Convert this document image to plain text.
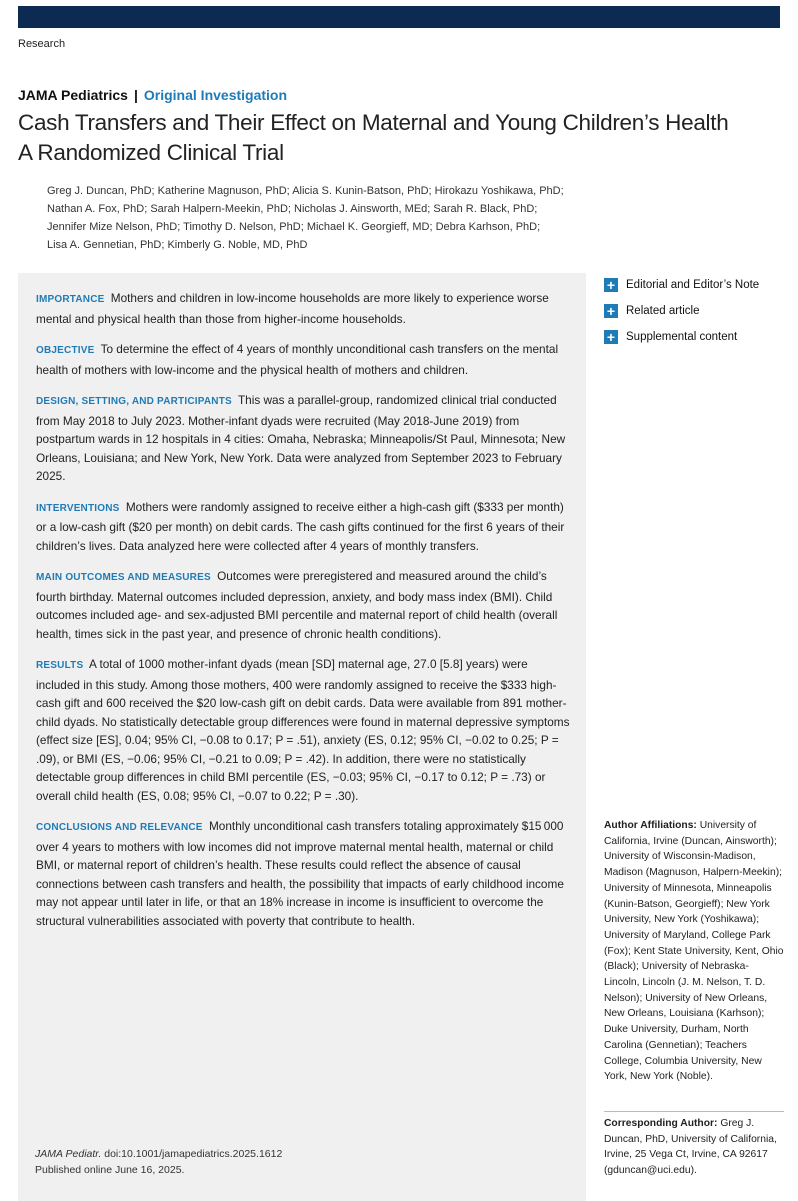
Research
JAMA Pediatrics | Original Investigation
Cash Transfers and Their Effect on Maternal and Young Children’s Health
A Randomized Clinical Trial
Greg J. Duncan, PhD; Katherine Magnuson, PhD; Alicia S. Kunin-Batson, PhD; Hirokazu Yoshikawa, PhD;
Nathan A. Fox, PhD; Sarah Halpern-Meekin, PhD; Nicholas J. Ainsworth, MEd; Sarah R. Black, PhD;
Jennifer Mize Nelson, PhD; Timothy D. Nelson, PhD; Michael K. Georgieff, MD; Debra Karhson, PhD;
Lisa A. Gennetian, PhD; Kimberly G. Noble, MD, PhD

IMPORTANCE Mothers and children in low-income households are more likely to experience worse mental and physical health than those from higher-income households.

OBJECTIVE To determine the effect of 4 years of monthly unconditional cash transfers on the mental health of mothers with low-income and the physical health of mothers and children.

DESIGN, SETTING, AND PARTICIPANTS This was a parallel-group, randomized clinical trial conducted from May 2018 to July 2023. Mother-infant dyads were recruited (May 2018-June 2019) from postpartum wards in 12 hospitals in 4 cities: Omaha, Nebraska; Minneapolis/St Paul, Minnesota; New Orleans, Louisiana; and New York, New York. Data were analyzed from September 2023 to February 2025.

INTERVENTIONS Mothers were randomly assigned to receive either a high-cash gift ($333 per month) or a low-cash gift ($20 per month) on debit cards. The cash gifts continued for the first 6 years of their children’s lives. Data analyzed here were collected after 4 years of monthly transfers.

MAIN OUTCOMES AND MEASURES Outcomes were preregistered and measured around the child’s fourth birthday. Maternal outcomes included depression, anxiety, and body mass index (BMI). Child outcomes included age- and sex-adjusted BMI percentile and maternal report of child health (overall health, times sick in the past year, and presence of chronic health conditions).

RESULTS A total of 1000 mother-infant dyads (mean [SD] maternal age, 27.0 [5.8] years) were included in this study. Among those mothers, 400 were randomly assigned to receive the $333 high-cash gift and 600 received the $20 low-cash gift on debit cards. Data were available from 891 mother-child dyads. No statistically detectable group differences were found in maternal depressive symptoms (effect size [ES], 0.04; 95% CI, −0.08 to 0.17; P = .51), anxiety (ES, 0.12; 95% CI, −0.02 to 0.25; P = .09), or BMI (ES, −0.06; 95% CI, −0.21 to 0.09; P = .42). In addition, there were no statistically detectable group differences in child BMI percentile (ES, −0.03; 95% CI, −0.17 to 0.12; P = .73) or overall child health (ES, 0.08; 95% CI, −0.07 to 0.22; P = .30).

CONCLUSIONS AND RELEVANCE Monthly unconditional cash transfers totaling approximately $15 000 over 4 years to mothers with low incomes did not improve maternal mental health, maternal or child BMI, or maternal report of children’s health. These results could reflect the absence of causal connections between cash transfers and health, the possibility that impacts of early childhood income may not appear until later in life, or that an 18% increase in income is insufficient to overcome the structural vulnerabilities associated with poverty that contribute to health.

JAMA Pediatr. doi:10.1001/jamapediatrics.2025.1612
Published online June 16, 2025.
+ Editorial and Editor’s Note
+ Related article
+ Supplemental content
Author Affiliations: University of California, Irvine (Duncan, Ainsworth); University of Wisconsin-Madison, Madison (Magnuson, Halpern-Meekin); University of Minnesota, Minneapolis (Kunin-Batson, Georgieff); New York University, New York (Yoshikawa); University of Maryland, College Park (Fox); Kent State University, Kent, Ohio (Black); University of Nebraska-Lincoln, Lincoln (J. M. Nelson, T. D. Nelson); University of New Orleans, New Orleans, Louisiana (Karhson); Duke University, Durham, North Carolina (Gennetian); Teachers College, Columbia University, New York, New York (Noble).
Corresponding Author: Greg J. Duncan, PhD, University of California, Irvine, 25 Vega Ct, Irvine, CA 92617 (gduncan@uci.edu).
